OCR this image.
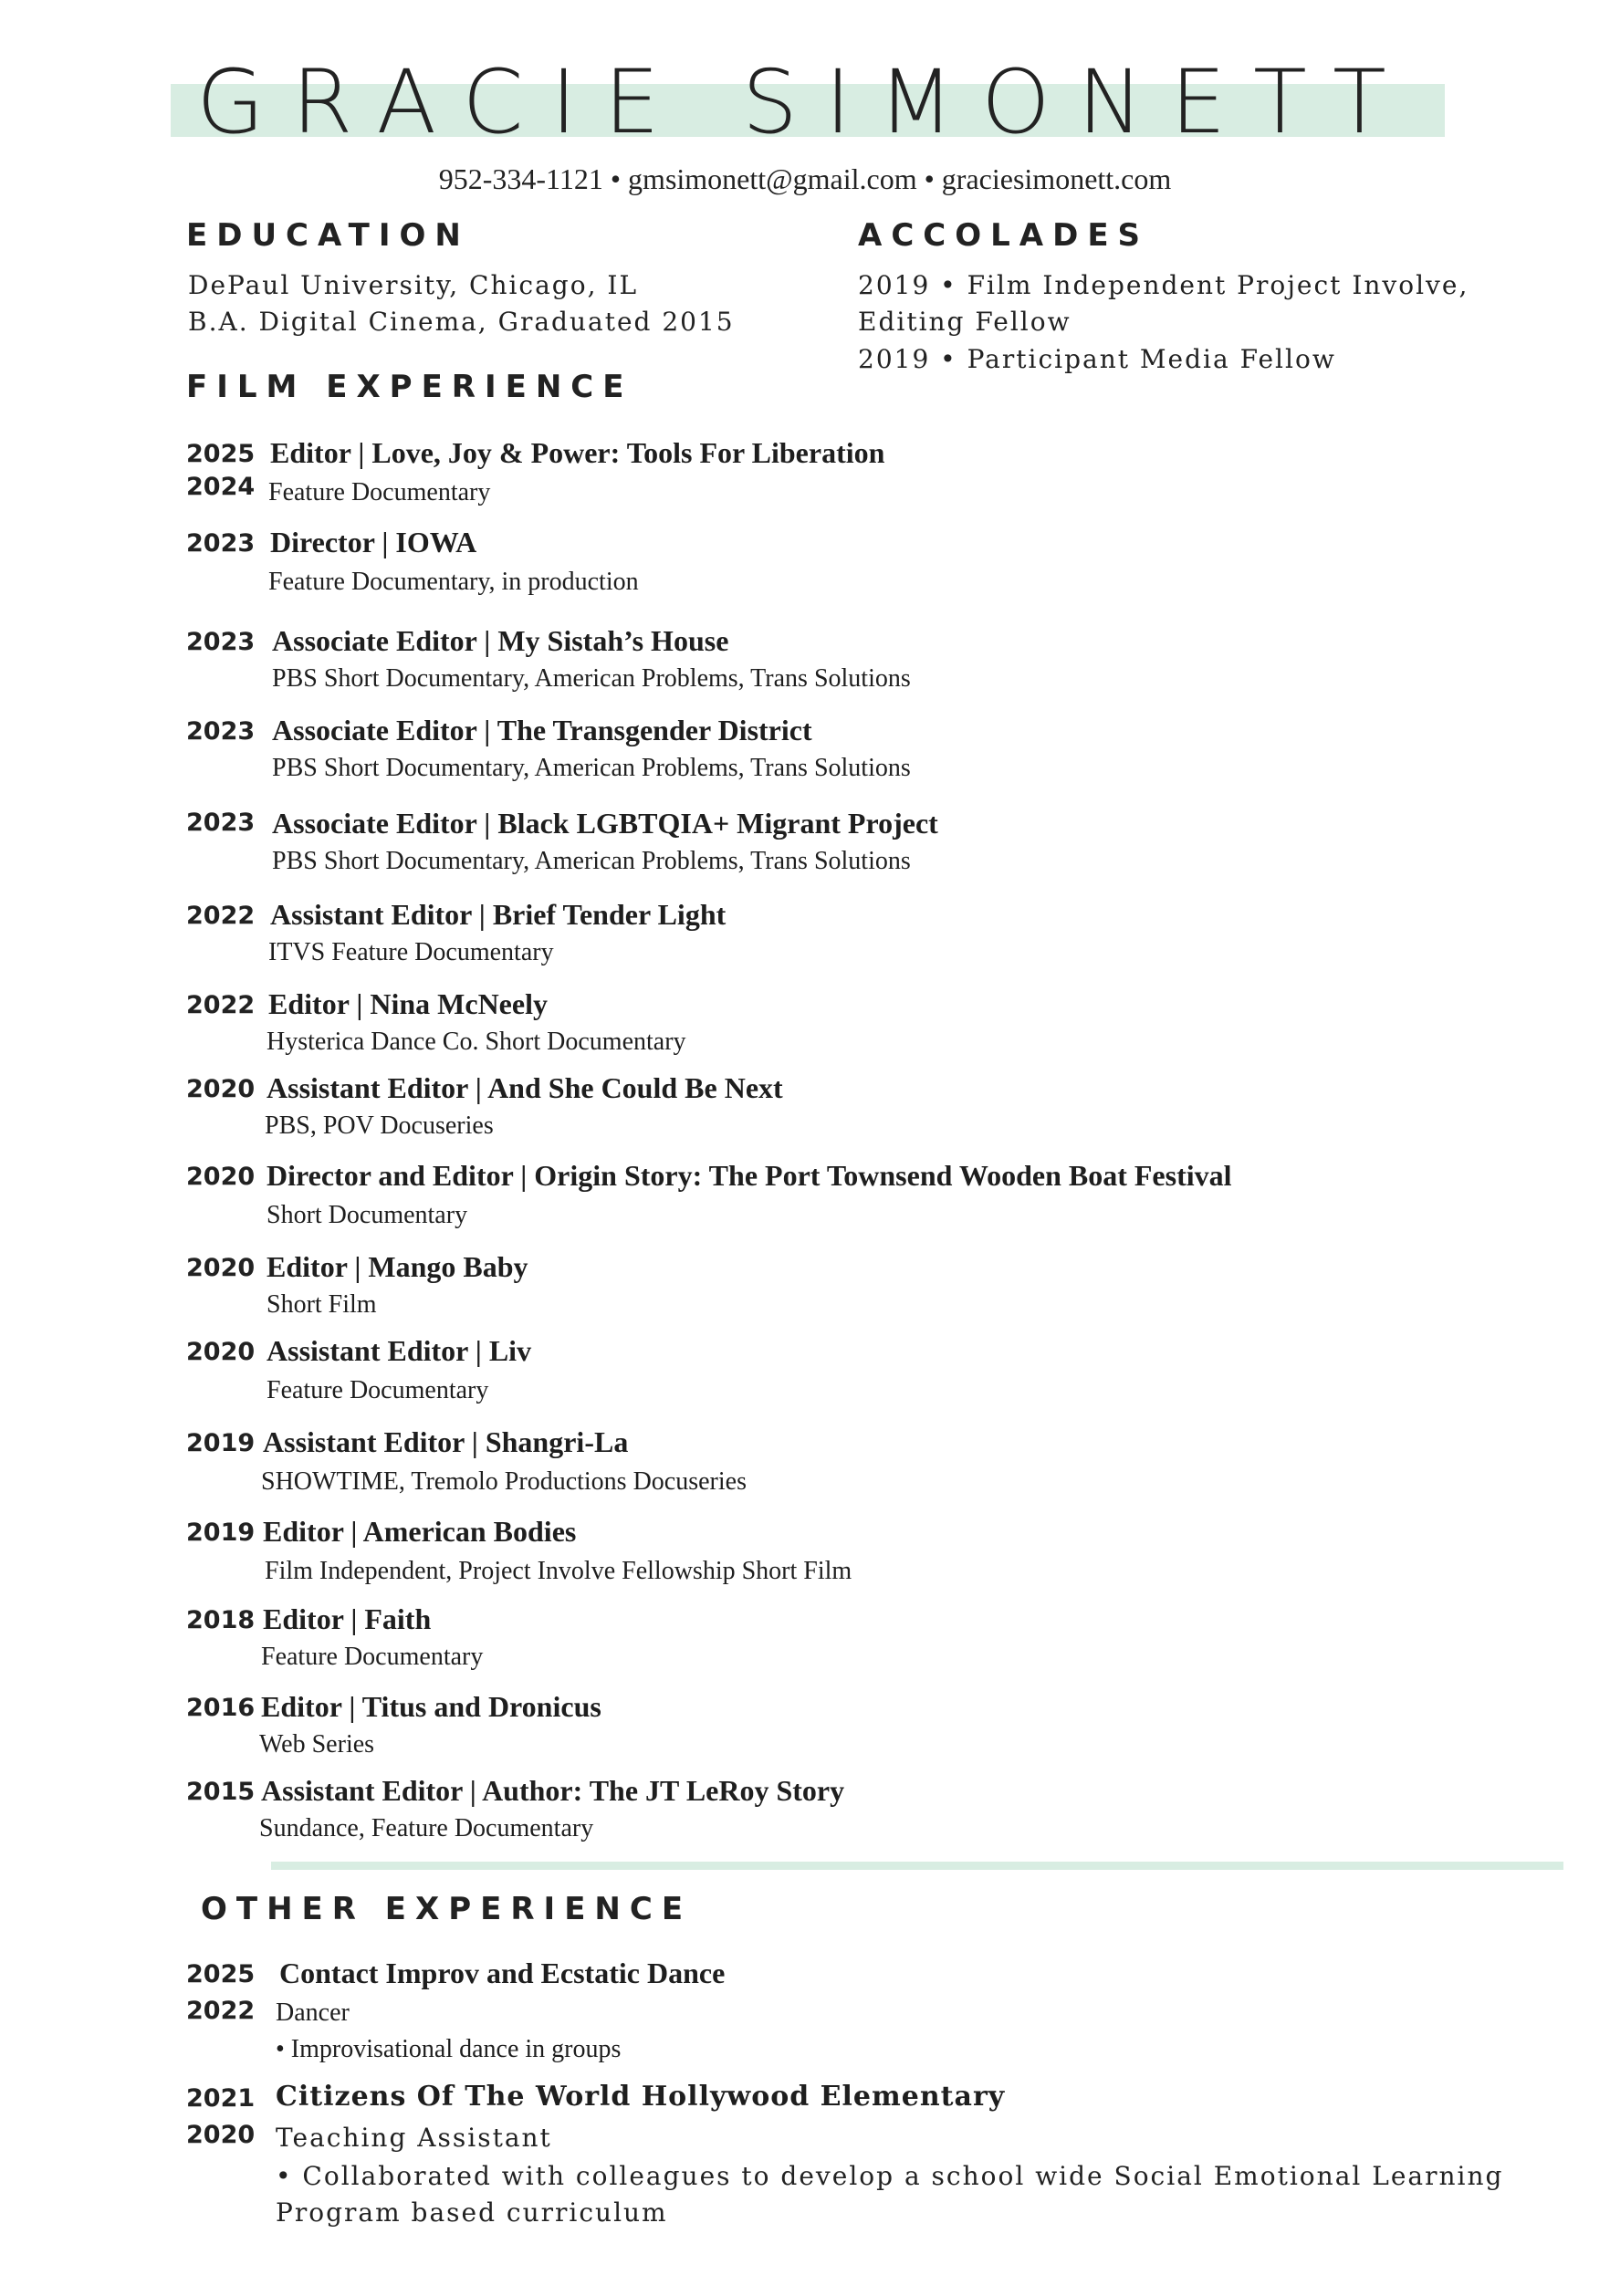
GRACIE SIMONETT
952-334-1121 • gmsimonett@gmail.com • graciesimonett.com
EDUCATION
DePaul University, Chicago, IL
B.A. Digital Cinema, Graduated 2015
ACCOLADES
2019 • Film Independent Project Involve,
Editing Fellow
2019 • Participant Media Fellow
FILM EXPERIENCE
2025
2024
Editor | Love, Joy & Power: Tools For Liberation
Feature Documentary
2023 Director | IOWA
Feature Documentary, in production
2023 Associate Editor | My Sistah’s House
PBS Short Documentary, American Problems, Trans Solutions
2023 Associate Editor | The Transgender District
PBS Short Documentary, American Problems, Trans Solutions
2023 Associate Editor | Black LGBTQIA+ Migrant Project
PBS Short Documentary, American Problems, Trans Solutions
2022 Assistant Editor | Brief Tender Light
ITVS Feature Documentary
2022 Editor | Nina McNeely
Hysterica Dance Co. Short Documentary
2020 Assistant Editor | And She Could Be Next
PBS, POV Docuseries
2020 Director and Editor | Origin Story: The Port Townsend Wooden Boat Festival
Short Documentary
2020 Editor | Mango Baby
Short Film
2020 Assistant Editor | Liv
Feature Documentary
2019 Assistant Editor | Shangri-La
SHOWTIME, Tremolo Productions Docuseries
2019 Editor | American Bodies
Film Independent, Project Involve Fellowship Short Film
2018 Editor | Faith
Feature Documentary
2016 Editor | Titus and Dronicus
Web Series
2015 Assistant Editor | Author: The JT LeRoy Story
Sundance, Feature Documentary
OTHER EXPERIENCE
2025
2022
Contact Improv and Ecstatic Dance
Dancer
• Improvisational dance in groups
2021
2020
Citizens Of The World Hollywood Elementary
Teaching Assistant
• Collaborated with colleagues to develop a school wide Social Emotional Learning
Program based curriculum
